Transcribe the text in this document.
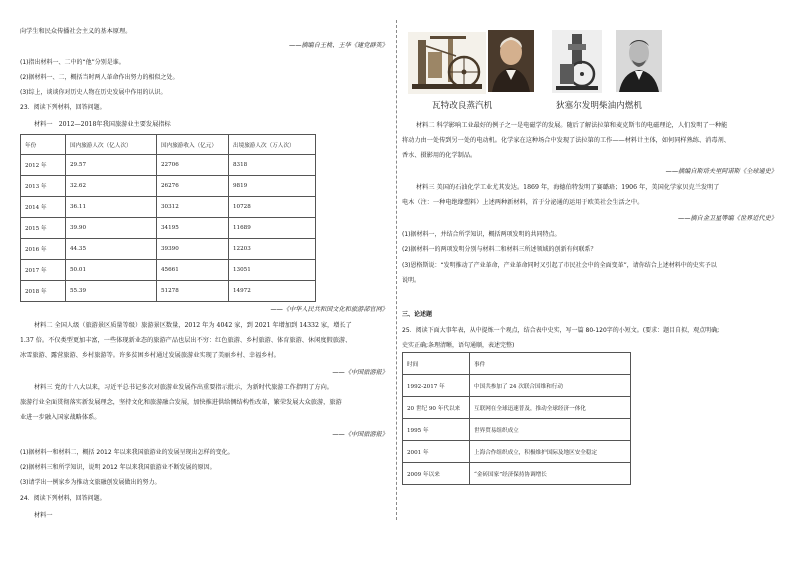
向学生和民众传播社会主义的基本原理。
——摘编自王桃、王华《建党群英》
(1)指出材料一、二中的“他”分别是谁。
(2)据材料一、二，概括当时两人革命作出努力的相似之处。
(3)综上，谈谈你对历史人物在历史发展中作用的认识。
23．阅读下列材料，回答问题。
材料一　2012—2018年我国旅游业主要发展指标
年份	国内旅游人次（亿人次）	国内旅游收入（亿元）	出境旅游人次（万人次）
2012 年	29.57	22706	8318
2013 年	32.62	26276	9819
2014 年	36.11	30312	10728
2015 年	39.90	34195	11689
2016 年	44.35	39390	12203
2017 年	50.01	45661	13051
2018 年	55.39	51278	14972
——《中华人民共和国文化和旅游部官网》
材料二 全国人级（旅游景区质量等级）旅游景区数量，2012 年为 4042 家，到 2021 年增加到 14332 家，增长了
1.37 倍。不仅类型更加丰富，一些体现新业态的旅游产品也层出不穷：红色旅游、乡村旅游、体育旅游、休闲度假旅游、
冰雪旅游、露营旅游、乡村旅游等。许多贫困乡村通过发展旅游业实现了美丽乡村、幸福乡村。
——《中国旅游报》
材料三 党的十八大以来，习近平总书记多次对旅游业发展作出重要指示批示，为新时代旅游工作指明了方向。
旅游行业全面贯彻落实新发展理念，坚持文化和旅游融合发展，加快推进供给侧结构性改革，繁荣发展大众旅游，旅游
业进一步融入国家战略体系。
——《中国旅游报》
(1)据材料一和材料二，概括 2012 年以来我国旅游业的发展呈现出怎样的变化。
(2)据材料三和所学知识，说明 2012 年以来我国旅游业不断发展的原因。
(3)请学出一例家乡为推动文旅融创发展做出的努力。
24．阅读下列材料，回答问题。
材料一
瓦特改良蒸汽机	狄塞尔发明柴油内燃机
材料二 科学影响工业最好的例子之一是电磁学的发展。随后了解法拉第和麦克斯韦的电磁理论，人们发明了一种能
将动力由一处传到另一处的电动机。化学家在这种场合中发现了法拉第的工作——材料计主体，如何同样熟练、消毒剂、
香水、摄影用的化学制品。
——摘编自斯塔夫里阿诺斯《全球通史》
材料三 美国的石油化学工业尤其发达。1869 年，海德伯特发明了赛璐珞；1906 年，美国化学家贝克兰发明了
电木（注：一种电绝缘塑料）上述两种新材料，首于分泌通的运用于欧美社会生活之中。
——摘自金卫星等编《世界近代史》
(1)据材料一，并结合所学知识，概括两项发明的共同特点。
(2)据材料一的两项发明分别与材料二和材料三所述领域的创新有何联系？
(3)恩格斯说：“发明推动了产业革命，产业革命同时又引起了市民社会中的全面变革”，请你结合上述材料中的史实予以
说明。
三、论述题
25．阅读下面大事年表，从中提炼一个观点，结合表中史实，写一篇 80-120字的小短文。(要求：题目自拟，观点明确;
史实正确;条理清晰，语句通顺，表述完整)
时间	事件
1992-2017 年	中国共参加了 24 次联合国维和行动
20 世纪 90 年代以来	互联网在全球迅速普及，推动全球经济一体化
1995 年	世界贸易组织成立
2001 年	上海合作组织成立，积极维护国际及地区安全稳定
2009 年以来	“金砖国家”经济保持协调增长
